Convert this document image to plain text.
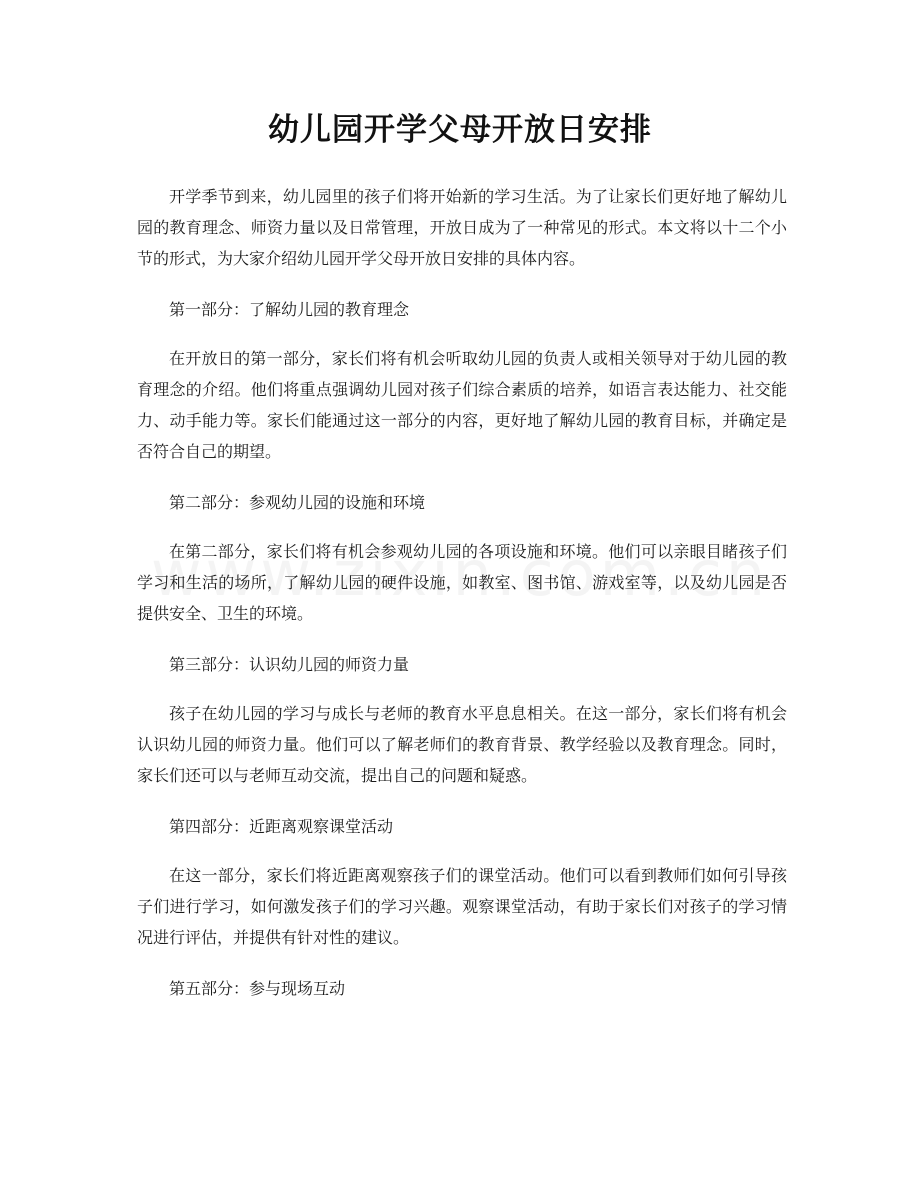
幼儿园开学父母开放日安排

开学季节到来，幼儿园里的孩子们将开始新的学习生活。为了让家长们更好地了解幼儿园的教育理念、师资力量以及日常管理，开放日成为了一种常见的形式。本文将以十二个小节的形式，为大家介绍幼儿园开学父母开放日安排的具体内容。

第一部分：了解幼儿园的教育理念

在开放日的第一部分，家长们将有机会听取幼儿园的负责人或相关领导对于幼儿园的教育理念的介绍。他们将重点强调幼儿园对孩子们综合素质的培养，如语言表达能力、社交能力、动手能力等。家长们能通过这一部分的内容，更好地了解幼儿园的教育目标，并确定是否符合自己的期望。

第二部分：参观幼儿园的设施和环境

在第二部分，家长们将有机会参观幼儿园的各项设施和环境。他们可以亲眼目睹孩子们学习和生活的场所，了解幼儿园的硬件设施，如教室、图书馆、游戏室等，以及幼儿园是否提供安全、卫生的环境。

第三部分：认识幼儿园的师资力量

孩子在幼儿园的学习与成长与老师的教育水平息息相关。在这一部分，家长们将有机会认识幼儿园的师资力量。他们可以了解老师们的教育背景、教学经验以及教育理念。同时，家长们还可以与老师互动交流，提出自己的问题和疑惑。

第四部分：近距离观察课堂活动

在这一部分，家长们将近距离观察孩子们的课堂活动。他们可以看到教师们如何引导孩子们进行学习，如何激发孩子们的学习兴趣。观察课堂活动，有助于家长们对孩子的学习情况进行评估，并提供有针对性的建议。

第五部分：参与现场互动
